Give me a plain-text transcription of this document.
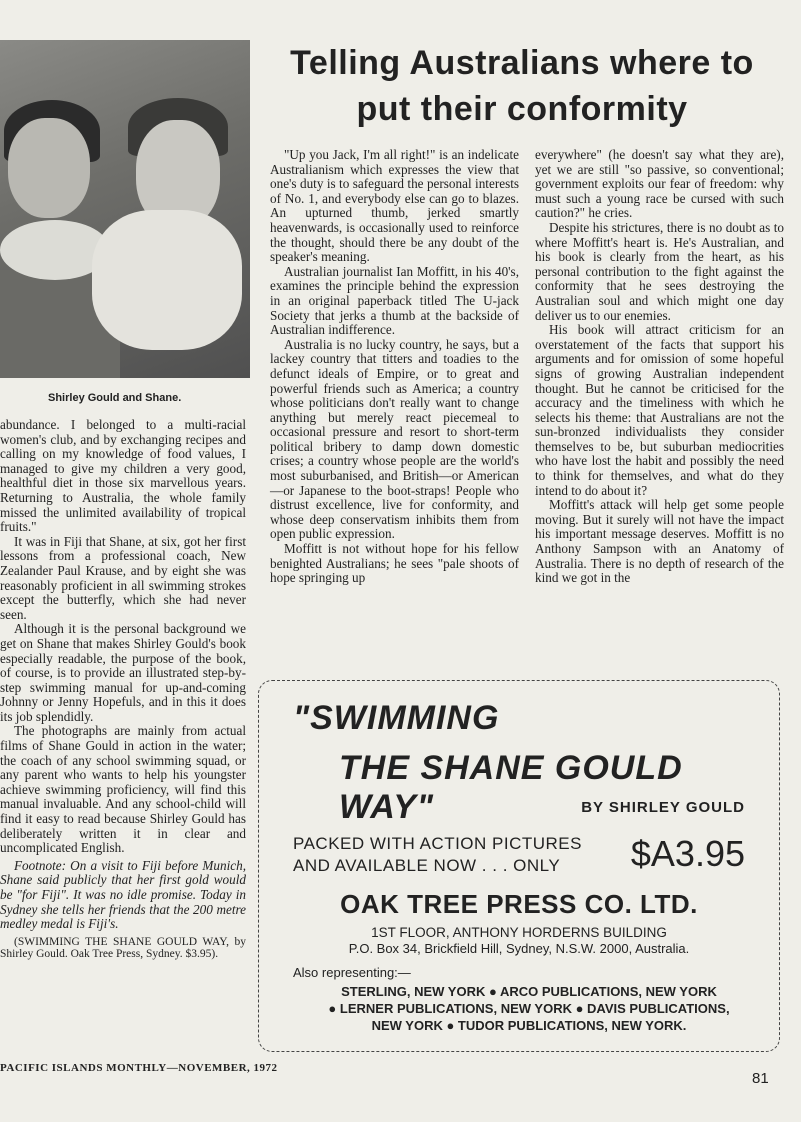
Shirley Gould and Shane.
Telling Australians where to put their conformity

abundance. I belonged to a multi-racial women's club, and by exchanging recipes and calling on my knowledge of food values, I managed to give my children a very good, healthful diet in those six marvellous years. Returning to Australia, the whole family missed the unlimited availability of tropical fruits."

It was in Fiji that Shane, at six, got her first lessons from a professional coach, New Zealander Paul Krause, and by eight she was reasonably proficient in all swimming strokes except the butterfly, which she had never seen.

Although it is the personal background we get on Shane that makes Shirley Gould's book especially readable, the purpose of the book, of course, is to provide an illustrated step-by-step swimming manual for up-and-coming Johnny or Jenny Hopefuls, and in this it does its job splendidly.

The photographs are mainly from actual films of Shane Gould in action in the water; the coach of any school swimming squad, or any parent who wants to help his youngster achieve swimming proficiency, will find this manual invaluable. And any school-child will find it easy to read because Shirley Gould has deliberately written it in clear and uncomplicated English.

Footnote: On a visit to Fiji before Munich, Shane said publicly that her first gold would be "for Fiji". It was no idle promise. Today in Sydney she tells her friends that the 200 metre medley medal is Fiji's.

(SWIMMING THE SHANE GOULD WAY, by Shirley Gould. Oak Tree Press, Sydney. $3.95).

"Up you Jack, I'm all right!" is an indelicate Australianism which expresses the view that one's duty is to safeguard the personal interests of No. 1, and everybody else can go to blazes. An upturned thumb, jerked smartly heavenwards, is occasionally used to reinforce the thought, should there be any doubt of the speaker's meaning.

Australian journalist Ian Moffitt, in his 40's, examines the principle behind the expression in an original paperback titled The U-jack Society that jerks a thumb at the backside of Australian indifference.

Australia is no lucky country, he says, but a lackey country that titters and toadies to the defunct ideals of Empire, or to great and powerful friends such as America; a country whose politicians don't really want to change anything but merely react piecemeal to occasional pressure and resort to short-term political bribery to damp down domestic crises; a country whose people are the world's most suburbanised, and British—or American—or Japanese to the boot-straps! People who distrust excellence, live for conformity, and whose deep conservatism inhibits them from open public expression.

Moffitt is not without hope for his fellow benighted Australians; he sees "pale shoots of hope springing up

everywhere" (he doesn't say what they are), yet we are still "so passive, so conventional; government exploits our fear of freedom: why must such a young race be cursed with such caution?" he cries.

Despite his strictures, there is no doubt as to where Moffitt's heart is. He's Australian, and his book is clearly from the heart, as his personal contribution to the fight against the conformity that he sees destroying the Australian soul and which might one day deliver us to our enemies.

His book will attract criticism for an overstatement of the facts that support his arguments and for omission of some hopeful signs of growing Australian independent thought. But he cannot be criticised for the accuracy and the timeliness with which he selects his theme: that Australians are not the sun-bronzed individualists they consider themselves to be, but suburban mediocrities who have lost the habit and possibly the need to think for themselves, and what do they intend to do about it?

Moffitt's attack will help get some people moving. But it surely will not have the impact his important message deserves. Moffitt is no Anthony Sampson with an Anatomy of Australia. There is no depth of research of the kind we got in the

"SWIMMING
THE SHANE GOULD WAY"	BY SHIRLEY GOULD
PACKED WITH ACTION PICTURES
AND AVAILABLE NOW . . . ONLY	$A3.95
OAK TREE PRESS CO. LTD.
1ST FLOOR, ANTHONY HORDERNS BUILDING
P.O. Box 34, Brickfield Hill, Sydney, N.S.W. 2000, Australia.
Also representing:—
STERLING, NEW YORK ● ARCO PUBLICATIONS, NEW YORK
● LERNER PUBLICATIONS, NEW YORK ● DAVIS PUBLICATIONS,
NEW YORK ● TUDOR PUBLICATIONS, NEW YORK.
PACIFIC ISLANDS MONTHLY—NOVEMBER, 1972
81
